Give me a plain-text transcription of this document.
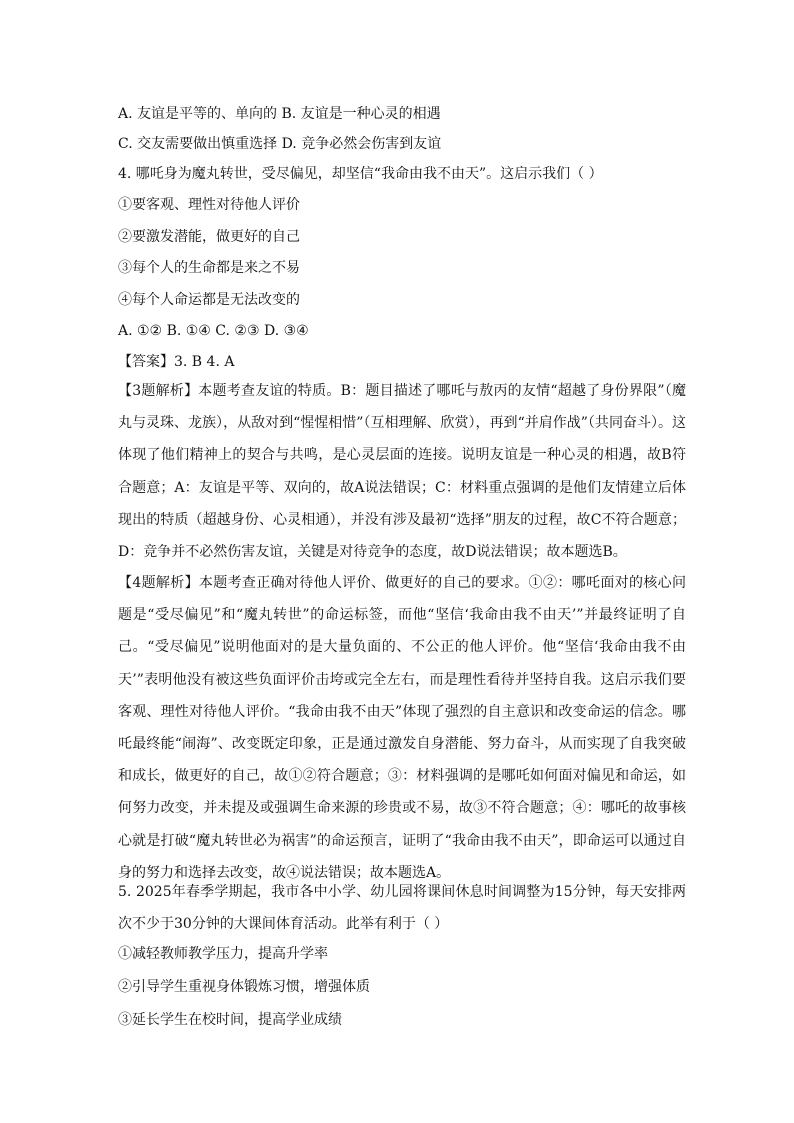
A. 友谊是平等的、单向的 B. 友谊是一种心灵的相遇
C. 交友需要做出慎重选择 D. 竞争必然会伤害到友谊
4. 哪吒身为魔丸转世，受尽偏见，却坚信“我命由我不由天”。这启示我们（ ）
①要客观、理性对待他人评价
②要激发潜能，做更好的自己
③每个人的生命都是来之不易
④每个人命运都是无法改变的
A. ①② B. ①④ C. ②③ D. ③④
【答案】3. B 4. A
【3题解析】本题考查友谊的特质。B：题目描述了哪吒与敖丙的友情“超越了身份界限”（魔丸与灵珠、龙族），从敌对到“惺惺相惜”（互相理解、欣赏），再到“并肩作战”（共同奋斗）。这体现了他们精神上的契合与共鸣，是心灵层面的连接。说明友谊是一种心灵的相遇，故B符合题意；A：友谊是平等、双向的，故A说法错误；C：材料重点强调的是他们友情建立后体现出的特质（超越身份、心灵相通），并没有涉及最初“选择”朋友的过程，故C不符合题意；D：竞争并不必然伤害友谊，关键是对待竞争的态度，故D说法错误；故本题选B。
【4题解析】本题考查正确对待他人评价、做更好的自己的要求。①②：哪吒面对的核心问题是“受尽偏见”和“魔丸转世”的命运标签，而他“坚信‘我命由我不由天’”并最终证明了自己。“受尽偏见”说明他面对的是大量负面的、不公正的他人评价。他“坚信‘我命由我不由天’”表明他没有被这些负面评价击垮或完全左右，而是理性看待并坚持自我。这启示我们要客观、理性对待他人评价。“我命由我不由天”体现了强烈的自主意识和改变命运的信念。哪吒最终能“闹海”、改变既定印象，正是通过激发自身潜能、努力奋斗，从而实现了自我突破和成长，做更好的自己，故①②符合题意；③：材料强调的是哪吒如何面对偏见和命运，如何努力改变，并未提及或强调生命来源的珍贵或不易，故③不符合题意；④：哪吒的故事核心就是打破“魔丸转世必为祸害”的命运预言，证明了“我命由我不由天”，即命运可以通过自身的努力和选择去改变，故④说法错误；故本题选A。
5. 2025年春季学期起，我市各中小学、幼儿园将课间休息时间调整为15分钟，每天安排两次不少于30分钟的大课间体育活动。此举有利于（ ）
①减轻教师教学压力，提高升学率
②引导学生重视身体锻炼习惯，增强体质
③延长学生在校时间，提高学业成绩
